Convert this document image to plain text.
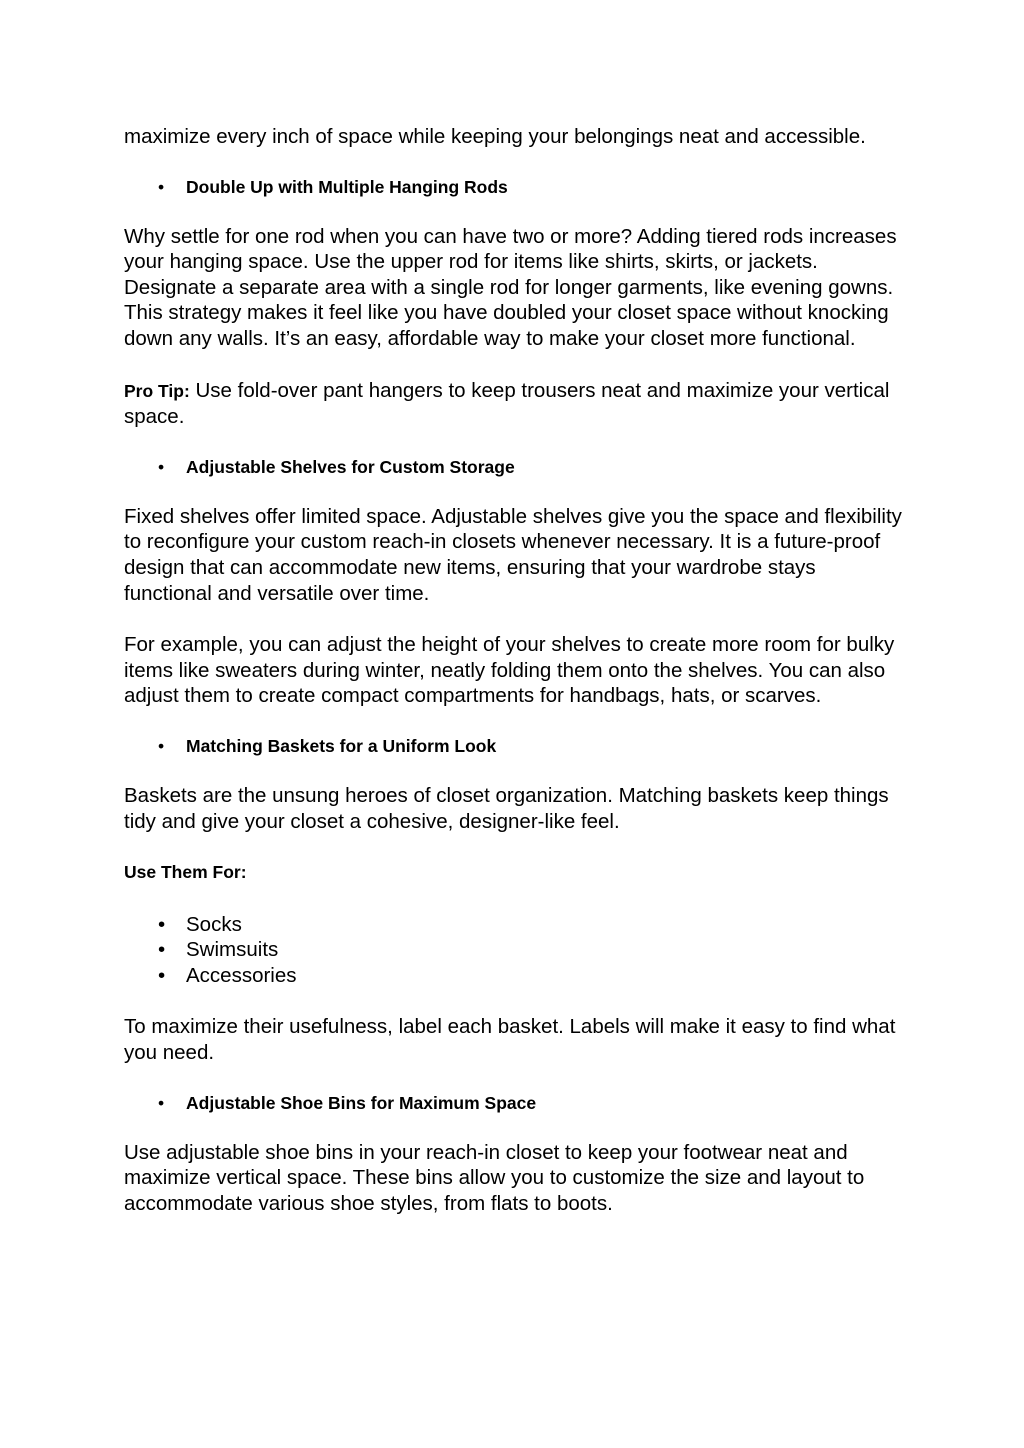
maximize every inch of space while keeping your belongings neat and accessible.

• Double Up with Multiple Hanging Rods

Why settle for one rod when you can have two or more? Adding tiered rods increases your hanging space. Use the upper rod for items like shirts, skirts, or jackets. Designate a separate area with a single rod for longer garments, like evening gowns. This strategy makes it feel like you have doubled your closet space without knocking down any walls. It’s an easy, affordable way to make your closet more functional.

Pro Tip: Use fold-over pant hangers to keep trousers neat and maximize your vertical space.

• Adjustable Shelves for Custom Storage

Fixed shelves offer limited space. Adjustable shelves give you the space and flexibility to reconfigure your custom reach-in closets whenever necessary. It is a future-proof design that can accommodate new items, ensuring that your wardrobe stays functional and versatile over time.

For example, you can adjust the height of your shelves to create more room for bulky items like sweaters during winter, neatly folding them onto the shelves. You can also adjust them to create compact compartments for handbags, hats, or scarves.

• Matching Baskets for a Uniform Look

Baskets are the unsung heroes of closet organization. Matching baskets keep things tidy and give your closet a cohesive, designer-like feel.

Use Them For:

• Socks
• Swimsuits
• Accessories

To maximize their usefulness, label each basket. Labels will make it easy to find what you need.

• Adjustable Shoe Bins for Maximum Space

Use adjustable shoe bins in your reach-in closet to keep your footwear neat and maximize vertical space. These bins allow you to customize the size and layout to accommodate various shoe styles, from flats to boots.
